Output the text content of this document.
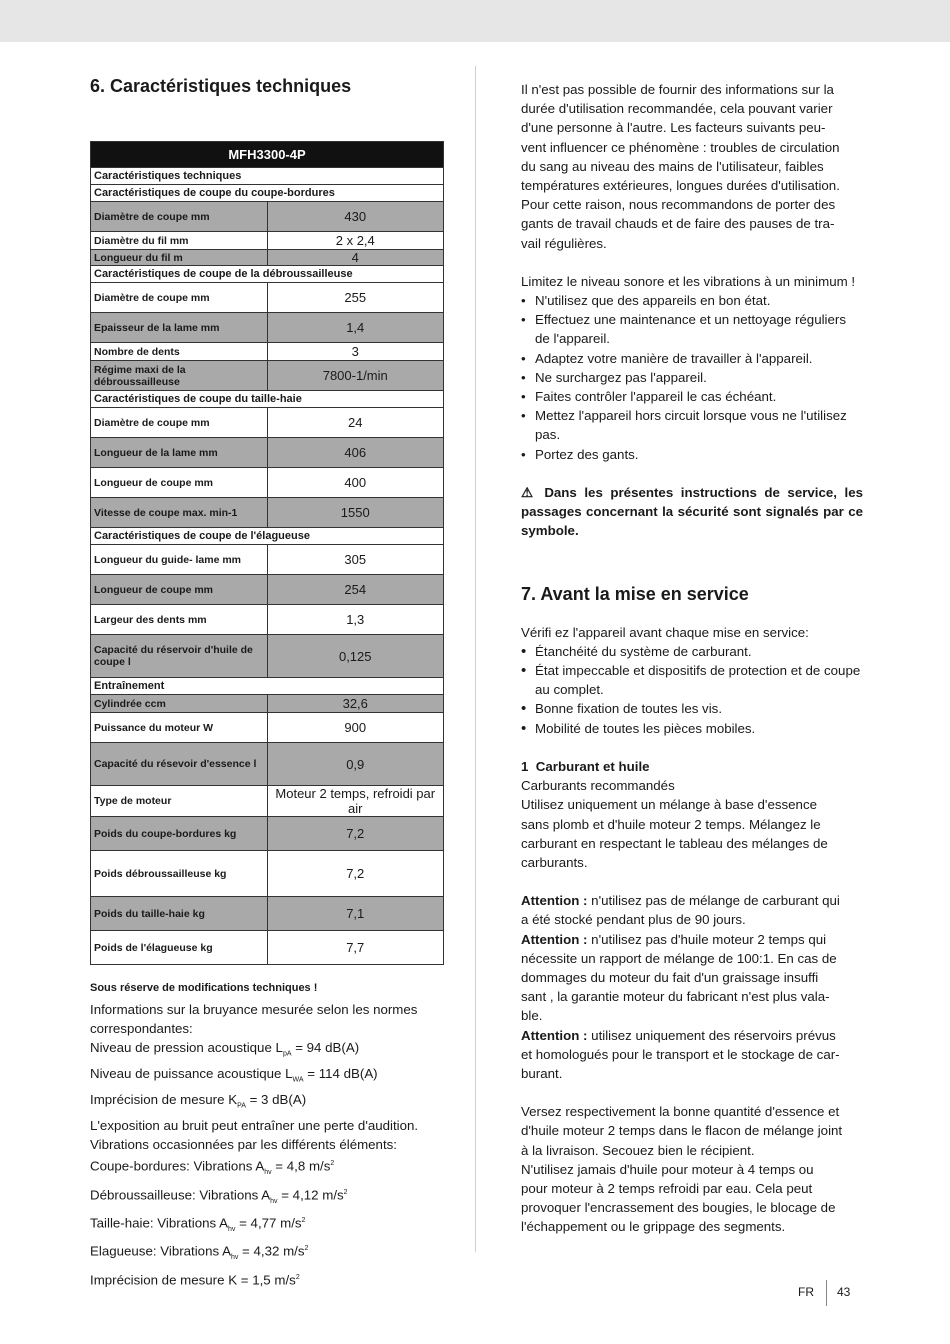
6. Caractéristiques techniques
MFH3300-4P	
Caractéristiques techniques	
Caractéristiques de coupe du coupe-bordures	
Diamètre de coupe mm	430
Diamètre du fil mm	2 x 2,4
Longueur du fil m	4
Caractéristiques de coupe de la débroussailleuse	
Diamètre de coupe mm	255
Epaisseur de la lame mm	1,4
Nombre de dents	3
Régime maxi de la débroussailleuse	7800-1/min
Caractéristiques de coupe du taille-haie	
Diamètre de coupe mm	24
Longueur de la lame mm	406
Longueur de coupe mm	400
Vitesse de coupe max. min-1	1550
Caractéristiques de coupe de l'élagueuse	
Longueur du guide- lame mm	305
Longueur de coupe mm	254
Largeur des dents mm	1,3
Capacité du réservoir d'huile de coupe l	0,125
Entraînement	
Cylindrée ccm	32,6
Puissance du moteur W	900
Capacité du résevoir d'essence l	0,9
Type de moteur	Moteur 2 temps, refroidi par air
Poids du coupe-bordures kg	7,2
Poids débroussailleuse kg	7,2
Poids du taille-haie kg	7,1
Poids de l'élagueuse kg	7,7
Sous réserve de modifications techniques !
Informations sur la bruyance mesurée selon les normes
correspondantes:
Niveau de pression acoustique $L_{pA} = 94$ dB(A)
Niveau de puissance acoustique $L_{WA} = 114$ dB(A)
Imprécision de mesure $K_{PA} = 3$ dB(A)
L'exposition au bruit peut entraîner une perte d'audition.
Vibrations occasionnées par les différents éléments:
Coupe-bordures: Vibrations $A_{hv} = 4,8$ $m/s^2$
Débroussailleuse: Vibrations $A_{hv} = 4,12$ $m/s^2$
Taille-haie: Vibrations $A_{hv} = 4,77$ $m/s^2$
Elagueuse: Vibrations $A_{hv} = 4,32$ $m/s^2$
Imprécision de mesure K = 1,5 $m/s^2$
Il n'est pas possible de fournir des informations sur la
durée d'utilisation recommandée, cela pouvant varier
d'une personne à l'autre. Les facteurs suivants peu-
vent influencer ce phénomène : troubles de circulation
du sang au niveau des mains de l'utilisateur, faibles
températures extérieures, longues durées d'utilisation.
Pour cette raison, nous recommandons de porter des
gants de travail chauds et de faire des pauses de tra-
vail régulières.

Limitez le niveau sonore et les vibrations à un minimum !

• N'utilisez que des appareils en bon état.
• Effectuez une maintenance et un nettoyage réguliers de l'appareil.
• Adaptez votre manière de travailler à l'appareil.
• Ne surchargez pas l'appareil.
• Faites contrôler l'appareil le cas échéant.
• Mettez l'appareil hors circuit lorsque vous ne l'utilisez pas.
• Portez des gants.

⚠ Dans les présentes instructions de service, les passages concernant la sécurité sont signalés par ce symbole.

7. Avant la mise en service

Vérifi ez l'appareil avant chaque mise en service:

• Étanchéité du système de carburant.
• État impeccable et dispositifs de protection et de coupe au complet.
• Bonne fixation de toutes les vis.
• Mobilité de toutes les pièces mobiles.

1 Carburant et huile

Carburants recommandés

Utilisez uniquement un mélange à base d'essence
sans plomb et d'huile moteur 2 temps. Mélangez le
carburant en respectant le tableau des mélanges de
carburants.
Attention : n'utilisez pas de mélange de carburant qui
a été stocké pendant plus de 90 jours.
Attention : n'utilisez pas d'huile moteur 2 temps qui
nécessite un rapport de mélange de 100:1. En cas de
dommages du moteur du fait d'un graissage insuffi
sant , la garantie moteur du fabricant n'est plus vala-
ble.
Attention : utilisez uniquement des réservoirs prévus
et homologués pour le transport et le stockage de car-
burant.
Versez respectivement la bonne quantité d'essence et
d'huile moteur 2 temps dans le flacon de mélange joint
à la livraison. Secouez bien le récipient.
N'utilisez jamais d'huile pour moteur à 4 temps ou
pour moteur à 2 temps refroidi par eau. Cela peut
provoquer l'encrassement des bougies, le blocage de
l'échappement ou le grippage des segments.
FR 43
